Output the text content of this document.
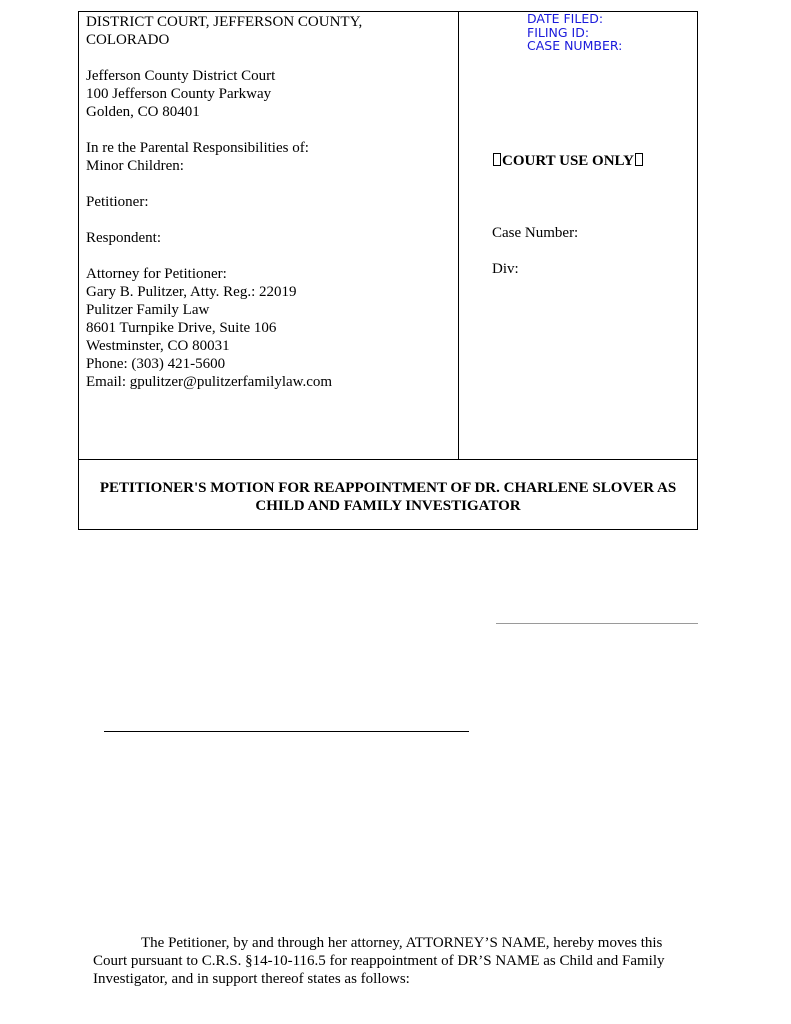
DISTRICT COURT, JEFFERSON COUNTY,
COLORADO
Jefferson County District Court
100 Jefferson County Parkway
Golden, CO 80401
In re the Parental Responsibilities of:
Minor Children:
Petitioner:
Respondent:
Attorney for Petitioner:
Gary B. Pulitzer, Atty. Reg.: 22019
Pulitzer Family Law
8601 Turnpike Drive, Suite 106
Westminster, CO 80031
Phone: (303) 421-5600
Email: gpulitzer@pulitzerfamilylaw.com
DATE FILED:
FILING ID:
CASE NUMBER:
COURT USE ONLY
Case Number:
Div:
PETITIONER'S MOTION FOR REAPPOINTMENT OF DR. CHARLENE SLOVER AS
CHILD AND FAMILY INVESTIGATOR
The Petitioner, by and through her attorney, ATTORNEY’S NAME, hereby moves this
Court pursuant to C.R.S. §14-10-116.5 for reappointment of DR’S NAME as Child and Family
Investigator, and in support thereof states as follows:
